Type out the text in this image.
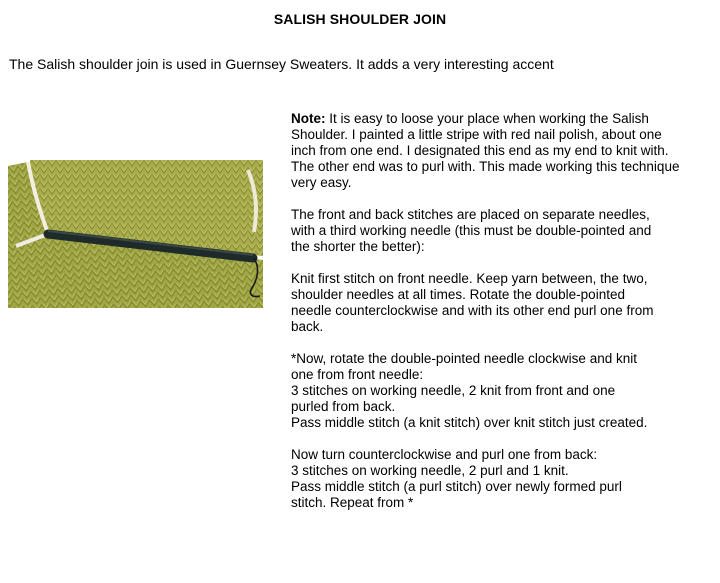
SALISH SHOULDER JOIN
The Salish shoulder join is used in Guernsey Sweaters. It adds a very interesting accent

Note: It is easy to loose your place when working the Salish
Shoulder. I painted a little stripe with red nail polish, about one
inch from one end. I designated this end as my end to knit with.
The other end was to purl with. This made working this technique
very easy.

The front and back stitches are placed on separate needles,
with a third working needle (this must be double-pointed and
the shorter the better):

Knit first stitch on front needle. Keep yarn between, the two,
shoulder needles at all times. Rotate the double-pointed
needle counterclockwise and with its other end purl one from
back.

*Now, rotate the double-pointed needle clockwise and knit
one from front needle:
3 stitches on working needle, 2 knit from front and one
purled from back.
Pass middle stitch (a knit stitch) over knit stitch just created.

Now turn counterclockwise and purl one from back:
3 stitches on working needle, 2 purl and 1 knit.
Pass middle stitch (a purl stitch) over newly formed purl
stitch. Repeat from *
